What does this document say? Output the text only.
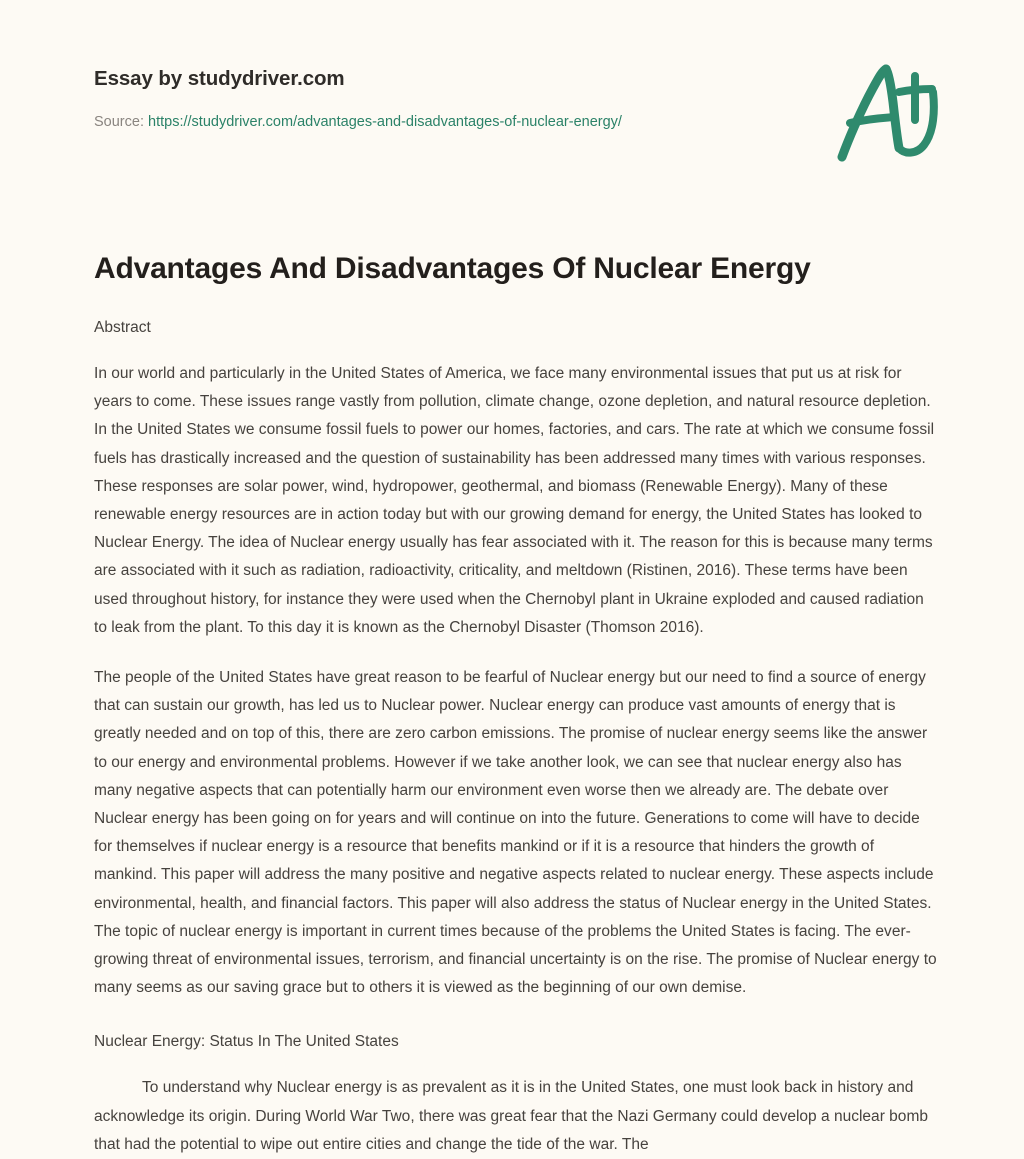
Essay by studydriver.com
Source: https://studydriver.com/advantages-and-disadvantages-of-nuclear-energy/
Advantages And Disadvantages Of Nuclear Energy
Abstract

In our world and particularly in the United States of America, we face many environmental issues that put us at risk for years to come. These issues range vastly from pollution, climate change, ozone depletion, and natural resource depletion. In the United States we consume fossil fuels to power our homes, factories, and cars. The rate at which we consume fossil fuels has drastically increased and the question of sustainability has been addressed many times with various responses. These responses are solar power, wind, hydropower, geothermal, and biomass (Renewable Energy). Many of these renewable energy resources are in action today but with our growing demand for energy, the United States has looked to Nuclear Energy. The idea of Nuclear energy usually has fear associated with it. The reason for this is because many terms are associated with it such as radiation, radioactivity, criticality, and meltdown (Ristinen, 2016). These terms have been used throughout history, for instance they were used when the Chernobyl plant in Ukraine exploded and caused radiation to leak from the plant. To this day it is known as the Chernobyl Disaster (Thomson 2016).

The people of the United States have great reason to be fearful of Nuclear energy but our need to find a source of energy that can sustain our growth, has led us to Nuclear power. Nuclear energy can produce vast amounts of energy that is greatly needed and on top of this, there are zero carbon emissions. The promise of nuclear energy seems like the answer to our energy and environmental problems. However if we take another look, we can see that nuclear energy also has many negative aspects that can potentially harm our environment even worse then we already are. The debate over Nuclear energy has been going on for years and will continue on into the future. Generations to come will have to decide for themselves if nuclear energy is a resource that benefits mankind or if it is a resource that hinders the growth of mankind. This paper will address the many positive and negative aspects related to nuclear energy. These aspects include environmental, health, and financial factors. This paper will also address the status of Nuclear energy in the United States. The topic of nuclear energy is important in current times because of the problems the United States is facing. The ever-growing threat of environmental issues, terrorism, and financial uncertainty is on the rise. The promise of Nuclear energy to many seems as our saving grace but to others it is viewed as the beginning of our own demise.

Nuclear Energy: Status In The United States

To understand why Nuclear energy is as prevalent as it is in the United States, one must look back in history and acknowledge its origin. During World War Two, there was great fear that the Nazi Germany could develop a nuclear bomb that had the potential to wipe out entire cities and change the tide of the war. The
